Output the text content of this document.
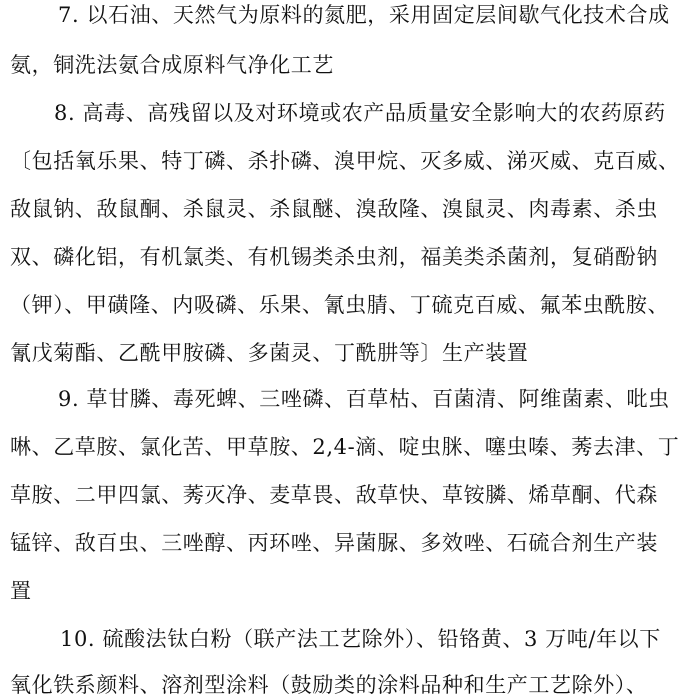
7. 以石油、天然气为原料的氮肥，采用固定层间歇气化技术合成
氨，铜洗法氨合成原料气净化工艺
8. 高毒、高残留以及对环境或农产品质量安全影响大的农药原药
〔包括氧乐果、特丁磷、杀扑磷、溴甲烷、灭多威、涕灭威、克百威、
敌鼠钠、敌鼠酮、杀鼠灵、杀鼠醚、溴敌隆、溴鼠灵、肉毒素、杀虫
双、磷化铝，有机氯类、有机锡类杀虫剂，福美类杀菌剂，复硝酚钠
（钾）、甲磺隆、内吸磷、乐果、氰虫腈、丁硫克百威、氟苯虫酰胺、
氰戊菊酯、乙酰甲胺磷、多菌灵、丁酰肼等〕生产装置
9. 草甘膦、毒死蜱、三唑磷、百草枯、百菌清、阿维菌素、吡虫
啉、乙草胺、氯化苦、甲草胺、2,4-滴、啶虫脒、噻虫嗪、莠去津、丁
草胺、二甲四氯、莠灭净、麦草畏、敌草快、草铵膦、烯草酮、代森
锰锌、敌百虫、三唑醇、丙环唑、异菌脲、多效唑、石硫合剂生产装
置
10. 硫酸法钛白粉（联产法工艺除外）、铅铬黄、3 万吨/年以下
氧化铁系颜料、溶剂型涂料（鼓励类的涂料品种和生产工艺除外）、
